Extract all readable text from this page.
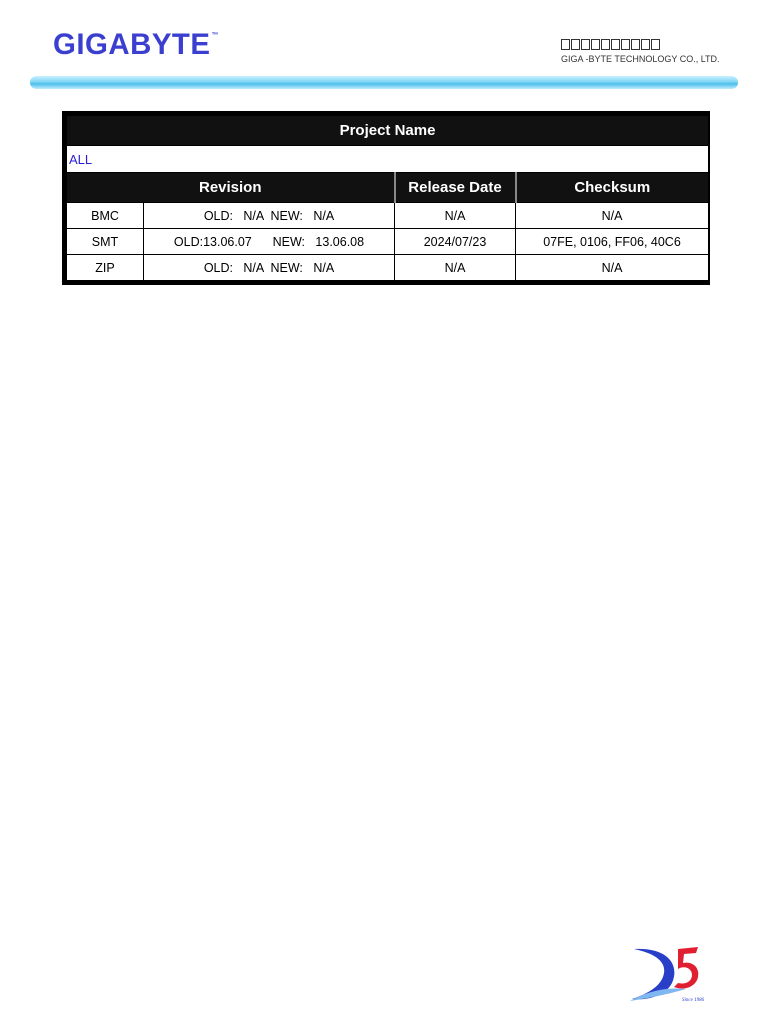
GIGABYTE™
GIGA -BYTE TECHNOLOGY CO., LTD.
Project Name			
ALL			
Revision		Release Date	Checksum
BMC	OLD:   N/A  NEW:   N/A	N/A	N/A
SMT	OLD:13.06.07      NEW:   13.06.08	2024/07/23	07FE, 0106, FF06, 40C6
ZIP	OLD:   N/A  NEW:   N/A	N/A	N/A
Since 1986
